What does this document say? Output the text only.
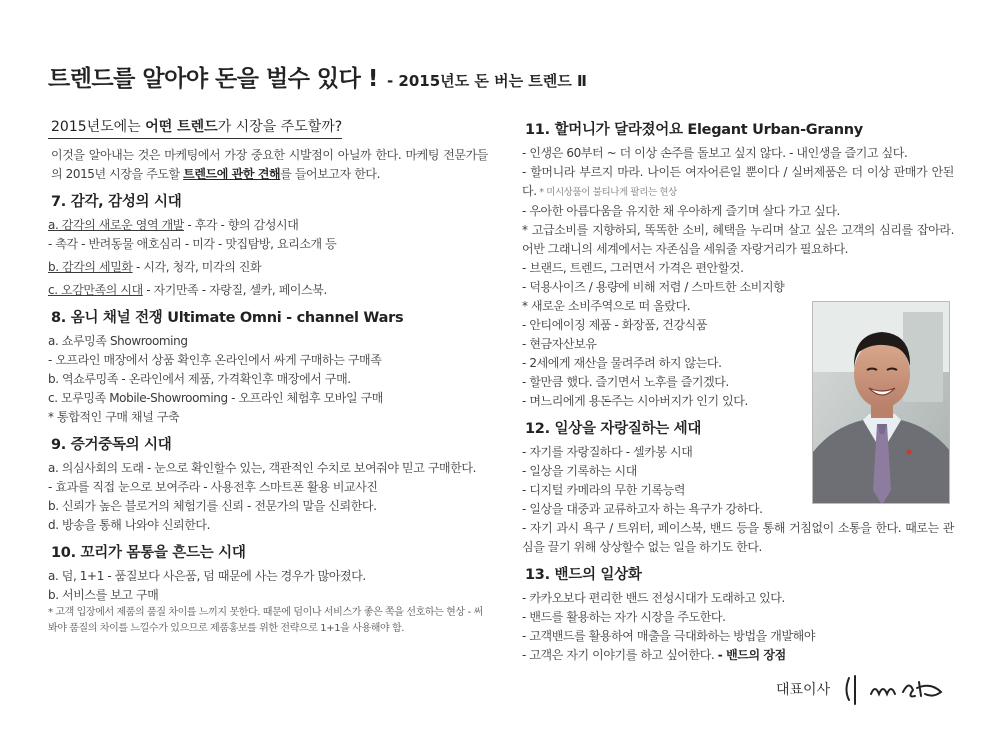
트렌드를 알아야 돈을 벌수 있다 ! - 2015년도 돈 버는 트렌드 Ⅱ
2015년도에는 어떤 트렌드가 시장을 주도할까?

이것을 알아내는 것은 마케팅에서 가장 중요한 시발점이 아닐까 한다. 마케팅 전문가들의 2015년 시장을 주도할 트렌드에 관한 견해를 들어보고자 한다.

7. 감각, 감성의 시대
a. 감각의 새로운 영역 개발 - 후각 - 향의 감성시대
- 촉각 - 반려동물 애호심리 - 미각 - 맛집탐방, 요리소개 등
b. 감각의 세밀화 - 시각, 청각, 미각의 진화
c. 오감만족의 시대 - 자기만족 - 자랑질, 셀카, 페이스북.
8. 옴니 채널 전쟁 Ultimate Omni - channel Wars
a. 쇼루밍족 Showrooming
- 오프라인 매장에서 상품 확인후 온라인에서 싸게 구매하는 구매족
b. 역쇼루밍족 - 온라인에서 제품, 가격확인후 매장에서 구매.
c. 모루밍족 Mobile-Showrooming - 오프라인 체험후 모바일 구매
* 통합적인 구매 채널 구축
9. 증거중독의 시대

a. 의심사회의 도래 - 눈으로 확인할수 있는, 객관적인 수치로 보여줘야 믿고 구매한다.

- 효과를 직접 눈으로 보여주라 - 사용전후 스마트폰 활용 비교사진
b. 신뢰가 높은 블로거의 체험기를 신뢰 - 전문가의 말을 신뢰한다.
d. 방송을 통해 나와야 신뢰한다.
10. 꼬리가 몸통을 흔드는 시대
a. 덤, 1+1 - 품질보다 사은품, 덤 때문에 사는 경우가 많아졌다.
b. 서비스를 보고 구매

* 고객 입장에서 제품의 품질 차이를 느끼지 못한다. 때문에 덤이나 서비스가 좋은 쪽을 선호하는 현상 - 써 봐야 품질의 차이를 느낄수가 있으므로 제품홍보를 위한 전략으로 1+1을 사용해야 함.

11. 할머니가 달라졌어요 Elegant Urban-Granny
- 인생은 60부터 ~ 더 이상 손주를 돌보고 싶지 않다. - 내인생을 즐기고 싶다.

- 할머니라 부르지 마라. 나이든 여자어른일 뿐이다 / 실버제품은 더 이상 판매가 안된다. * 미시상품이 불티나게 팔리는 현상

- 우아한 아름다움을 유지한 채 우아하게 즐기며 살다 가고 싶다.

* 고급소비를 지향하되, 똑똑한 소비, 혜택을 누리며 살고 싶은 고객의 심리를 잡아라. 어반 그래니의 세계에서는 자존심을 세워줄 자랑거리가 필요하다.

- 브랜드, 트렌드, 그러면서 가격은 편안할것.
- 덕용사이즈 / 용량에 비해 저렴 / 스마트한 소비지향
* 새로운 소비주역으로 떠 올랐다.
- 안티에이징 제품 - 화장품, 건강식품
- 현금자산보유
- 2세에게 재산을 물려주려 하지 않는다.
- 할만큼 했다. 즐기면서 노후를 즐기겠다.
- 며느리에게 용돈주는 시아버지가 인기 있다.
12. 일상을 자랑질하는 세대
- 자기를 자랑질하다 - 셀카봉 시대
- 일상을 기록하는 시대
- 디지털 카메라의 무한 기록능력
- 일상을 대중과 교류하고자 하는 욕구가 강하다.

- 자기 과시 욕구 / 트위터, 페이스북, 밴드 등을 통해 거침없이 소통을 한다. 때로는 관심을 끌기 위해 상상할수 없는 일을 하기도 한다.

13. 밴드의 일상화
- 카카오보다 편리한 밴드 전성시대가 도래하고 있다.
- 밴드를 활용하는 자가 시장을 주도한다.
- 고객밴드를 활용하여 매출을 극대화하는 방법을 개발해야
- 고객은 자기 이야기를 하고 싶어한다. - 밴드의 장점
대표이사
